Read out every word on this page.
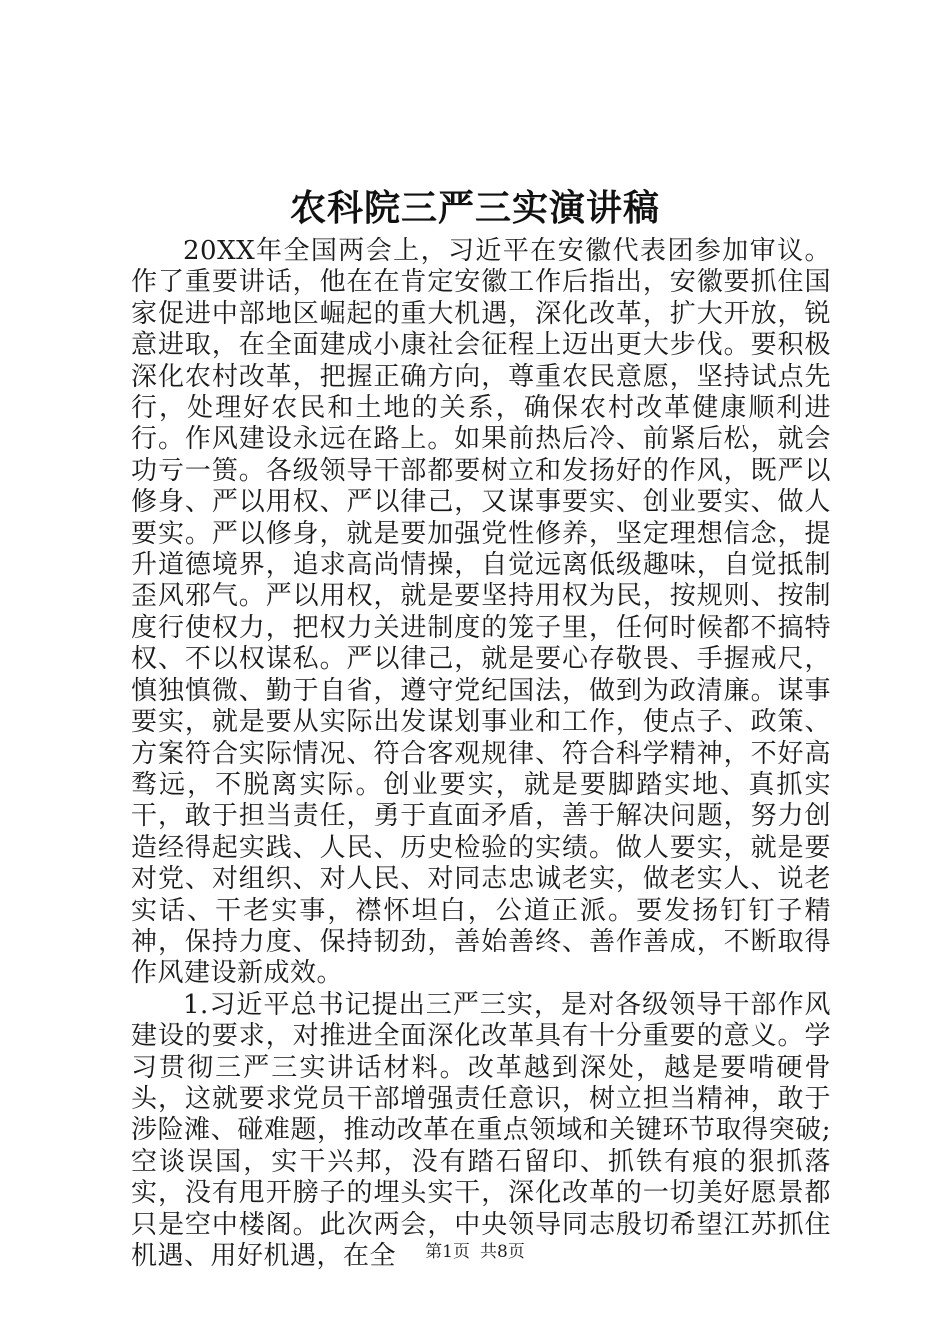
农科院三严三实演讲稿

20XX年全国两会上，习近平在安徽代表团参加审议。作了重要讲话，他在在肯定安徽工作后指出，安徽要抓住国家促进中部地区崛起的重大机遇，深化改革，扩大开放，锐意进取，在全面建成小康社会征程上迈出更大步伐。要积极深化农村改革，把握正确方向，尊重农民意愿，坚持试点先行，处理好农民和土地的关系，确保农村改革健康顺利进行。作风建设永远在路上。如果前热后冷、前紧后松，就会功亏一篑。各级领导干部都要树立和发扬好的作风，既严以修身、严以用权、严以律己，又谋事要实、创业要实、做人要实。严以修身，就是要加强党性修养，坚定理想信念，提升道德境界，追求高尚情操，自觉远离低级趣味，自觉抵制歪风邪气。严以用权，就是要坚持用权为民，按规则、按制度行使权力，把权力关进制度的笼子里，任何时候都不搞特权、不以权谋私。严以律己，就是要心存敬畏、手握戒尺，慎独慎微、勤于自省，遵守党纪国法，做到为政清廉。谋事要实，就是要从实际出发谋划事业和工作，使点子、政策、方案符合实际情况、符合客观规律、符合科学精神，不好高骛远，不脱离实际。创业要实，就是要脚踏实地、真抓实干，敢于担当责任，勇于直面矛盾，善于解决问题，努力创造经得起实践、人民、历史检验的实绩。做人要实，就是要对党、对组织、对人民、对同志忠诚老实，做老实人、说老实话、干老实事，襟怀坦白，公道正派。要发扬钉钉子精神，保持力度、保持韧劲，善始善终、善作善成，不断取得作风建设新成效。

1.习近平总书记提出三严三实，是对各级领导干部作风建设的要求，对推进全面深化改革具有十分重要的意义。学习贯彻三严三实讲话材料。改革越到深处，越是要啃硬骨头，这就要求党员干部增强责任意识，树立担当精神，敢于涉险滩、碰难题，推动改革在重点领域和关键环节取得突破;空谈误国，实干兴邦，没有踏石留印、抓铁有痕的狠抓落实，没有甩开膀子的埋头实干，深化改革的一切美好愿景都只是空中楼阁。此次两会，中央领导同志殷切希望江苏抓住机遇、用好机遇，在全	第1页 共8页
